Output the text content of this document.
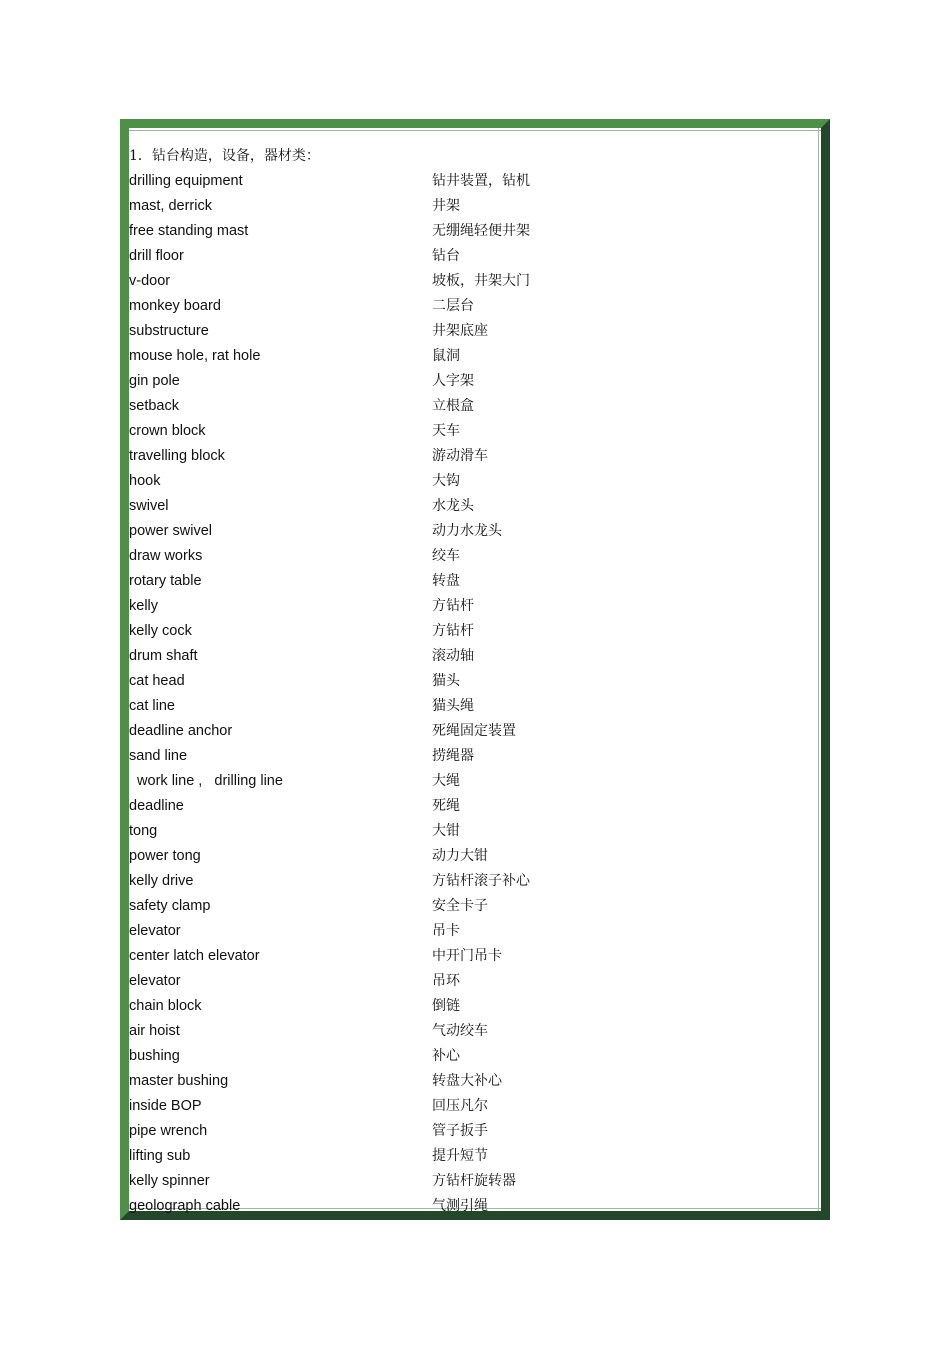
1．钻台构造，设备，器材类：
drilling equipment	钻井装置，钻机
mast, derrick	井架
free standing mast	无绷绳轻便井架
drill floor	钻台
v-door	坡板，井架大门
monkey board	二层台
substructure	井架底座
mouse hole, rat hole	鼠洞
gin pole	人字架
setback	立根盒
crown block	天车
travelling block	游动滑车
hook	大钩
swivel	水龙头
power swivel	动力水龙头
draw works	绞车
rotary table	转盘
kelly	方钻杆
kelly cock	方钻杆
drum shaft	滚动轴
cat head	猫头
cat line	猫头绳
deadline anchor	死绳固定装置
sand line	捞绳器
work line ,   drilling line	大绳
deadline	死绳
tong	大钳
power tong	动力大钳
kelly drive	方钻杆滚子补心
safety clamp	安全卡子
elevator	吊卡
center latch elevator	中开门吊卡
elevator	吊环
chain block	倒链
air hoist	气动绞车
bushing	补心
master bushing	转盘大补心
inside BOP	回压凡尔
pipe wrench	管子扳手
lifting sub	提升短节
kelly spinner	方钻杆旋转器
geolograph cable	气测引绳
